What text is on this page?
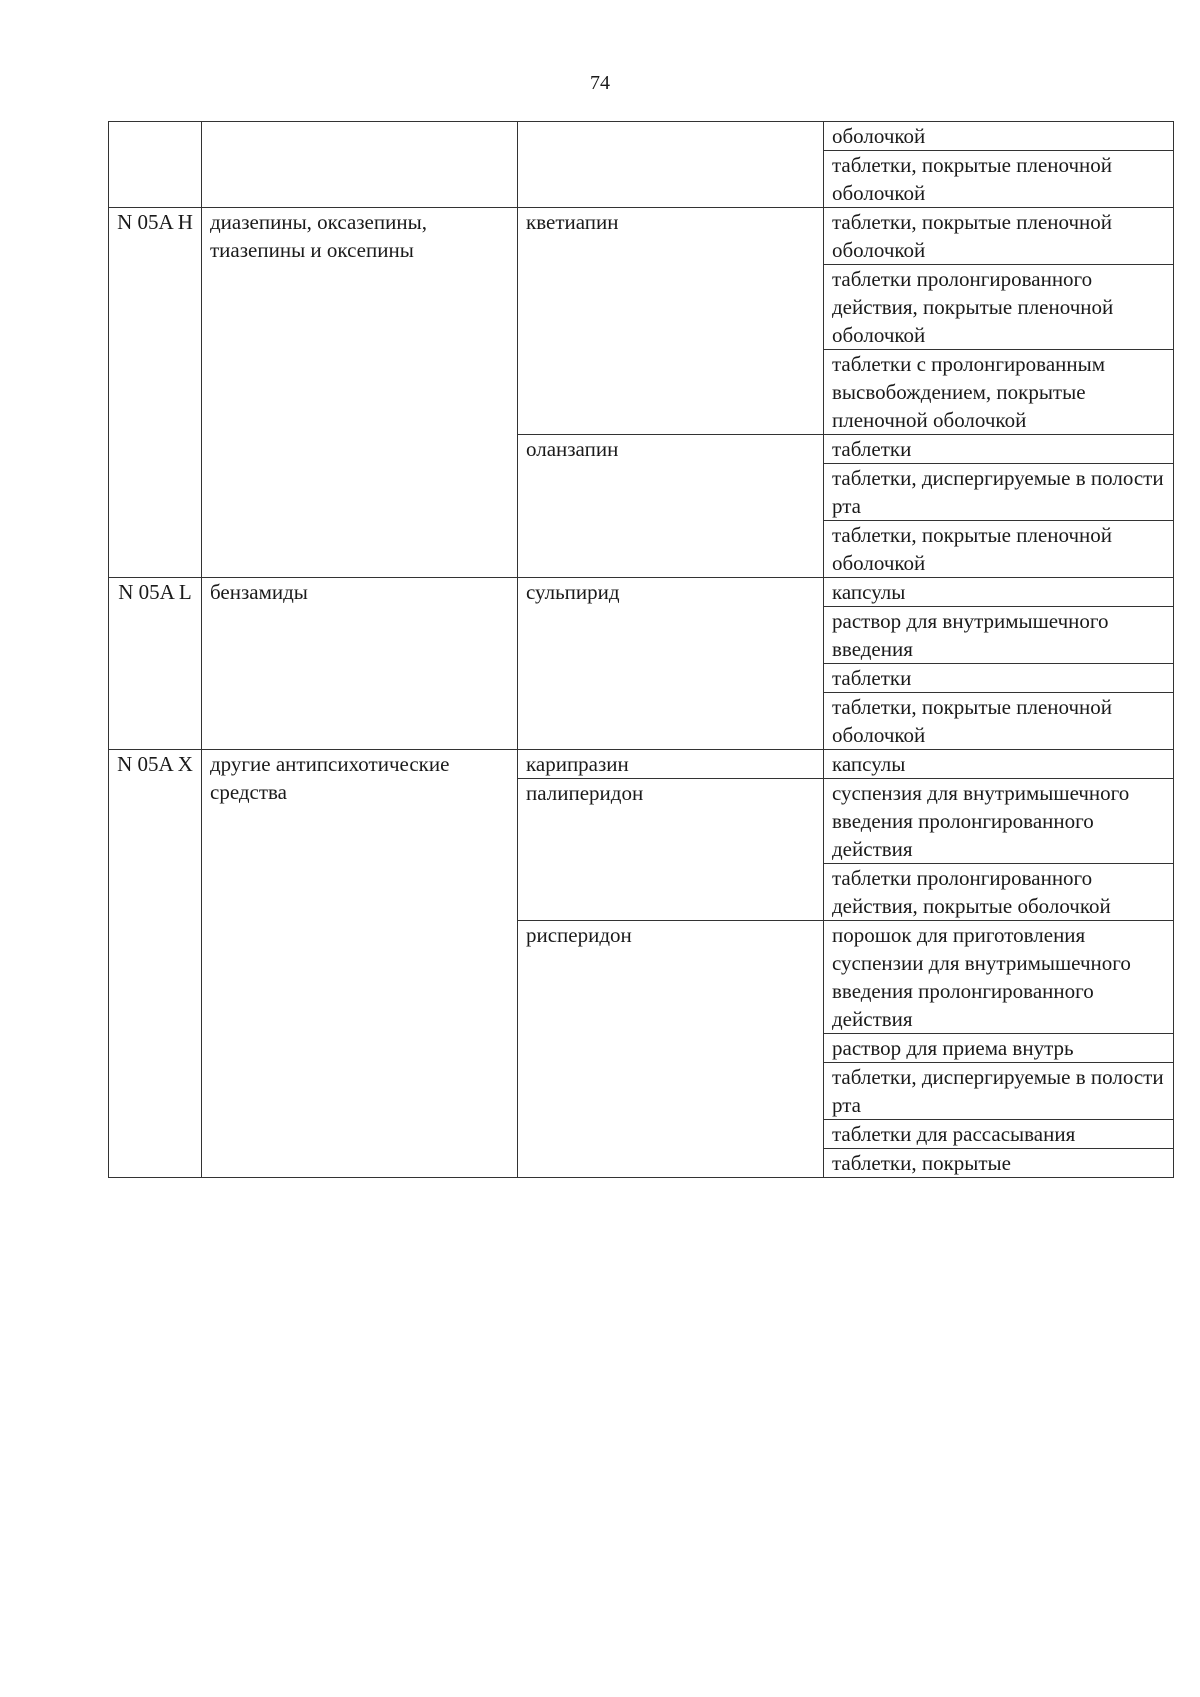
74
			оболочкой
			таблетки, покрытые пленочной оболочкой
N 05A H	диазепины, оксазепины, тиазепины и оксепины	кветиапин	таблетки, покрытые пленочной оболочкой
			таблетки пролонгированного действия, покрытые пленочной оболочкой
			таблетки с пролонгированным высвобождением, покрытые пленочной оболочкой
		оланзапин	таблетки
			таблетки, диспергируемые в полости рта
			таблетки, покрытые пленочной оболочкой
N 05A L	бензамиды	сульпирид	капсулы
			раствор для внутримышечного введения
			таблетки
			таблетки, покрытые пленочной оболочкой
N 05A X	другие антипсихотические средства	карипразин	капсулы
		палиперидон	суспензия для внутримышечного введения пролонгированного действия
			таблетки пролонгированного действия, покрытые оболочкой
		рисперидон	порошок для приготовления суспензии для внутримышечного введения пролонгированного действия
			раствор для приема внутрь
			таблетки, диспергируемые в полости рта
			таблетки для рассасывания
			таблетки, покрытые
